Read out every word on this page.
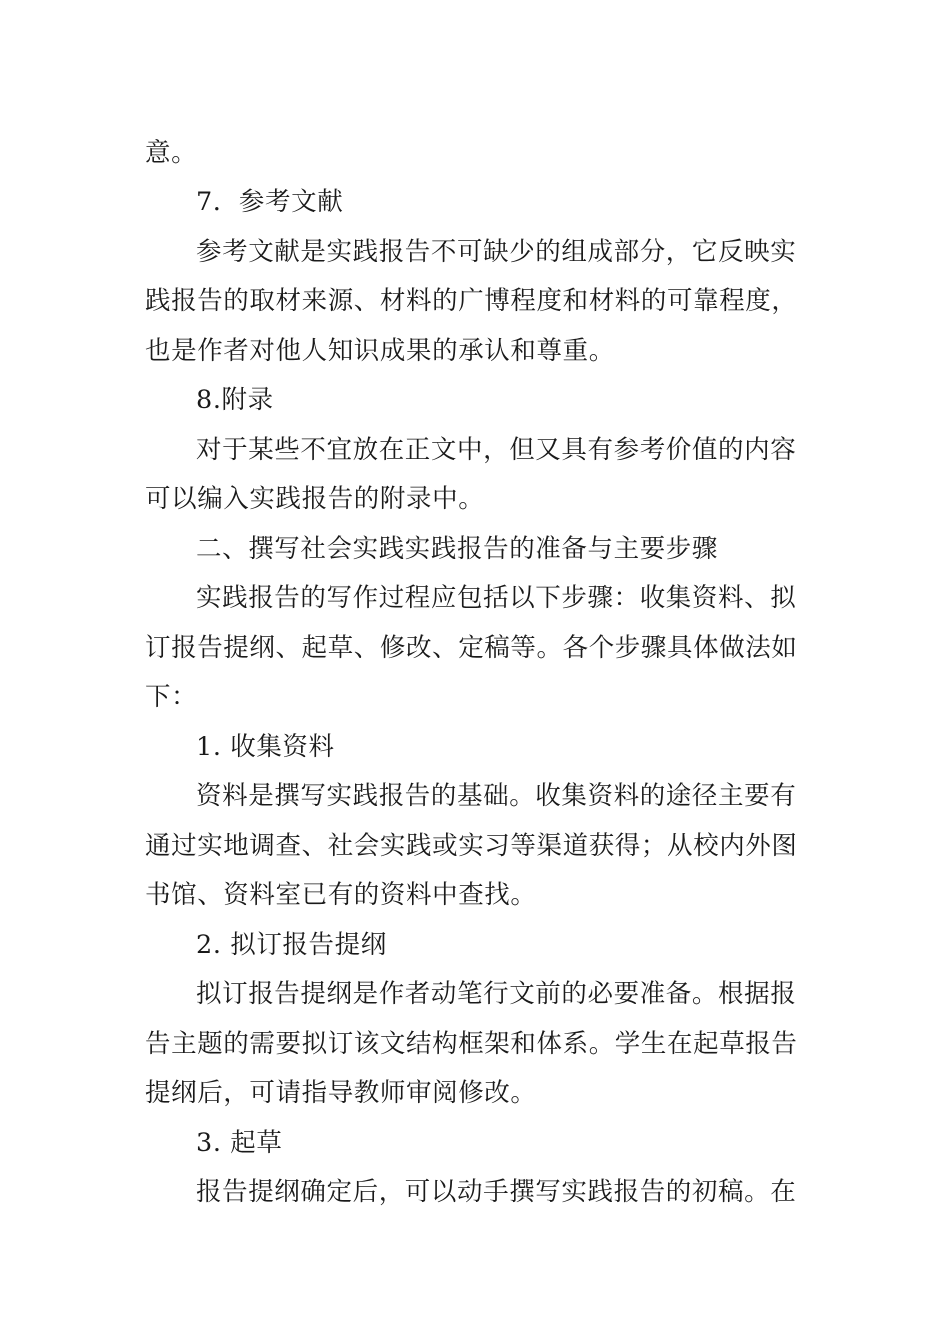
意。
7．参考文献
参考文献是实践报告不可缺少的组成部分，它反映实
践报告的取材来源、材料的广博程度和材料的可靠程度，
也是作者对他人知识成果的承认和尊重。
8.附录
对于某些不宜放在正文中，但又具有参考价值的内容
可以编入实践报告的附录中。
二、撰写社会实践实践报告的准备与主要步骤
实践报告的写作过程应包括以下步骤：收集资料、拟
订报告提纲、起草、修改、定稿等。各个步骤具体做法如
下：
1. 收集资料
资料是撰写实践报告的基础。收集资料的途径主要有
通过实地调查、社会实践或实习等渠道获得；从校内外图
书馆、资料室已有的资料中查找。
2. 拟订报告提纲
拟订报告提纲是作者动笔行文前的必要准备。根据报
告主题的需要拟订该文结构框架和体系。学生在起草报告
提纲后，可请指导教师审阅修改。
3. 起草
报告提纲确定后，可以动手撰写实践报告的初稿。在
